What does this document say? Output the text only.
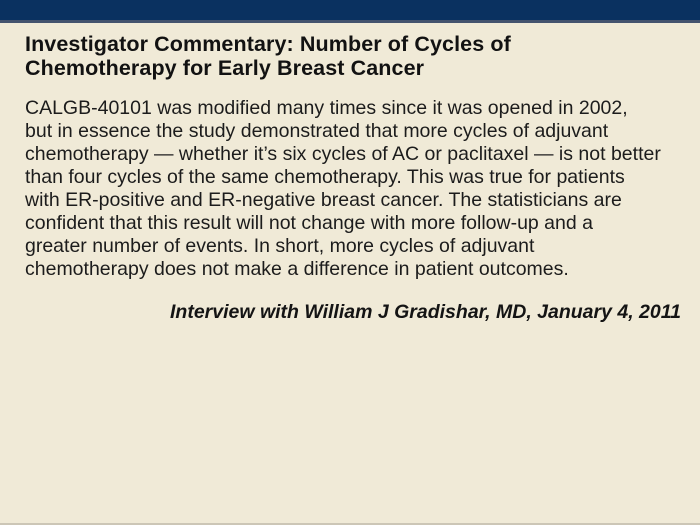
Investigator Commentary: Number of Cycles of
Chemotherapy for Early Breast Cancer
CALGB-40101 was modified many times since it was opened in 2002,
but in essence the study demonstrated that more cycles of adjuvant
chemotherapy — whether it’s six cycles of AC or paclitaxel — is not better
than four cycles of the same chemotherapy. This was true for patients
with ER-positive and ER-negative breast cancer. The statisticians are
confident that this result will not change with more follow-up and a
greater number of events. In short, more cycles of adjuvant
chemotherapy does not make a difference in patient outcomes.
Interview with William J Gradishar, MD, January 4, 2011
